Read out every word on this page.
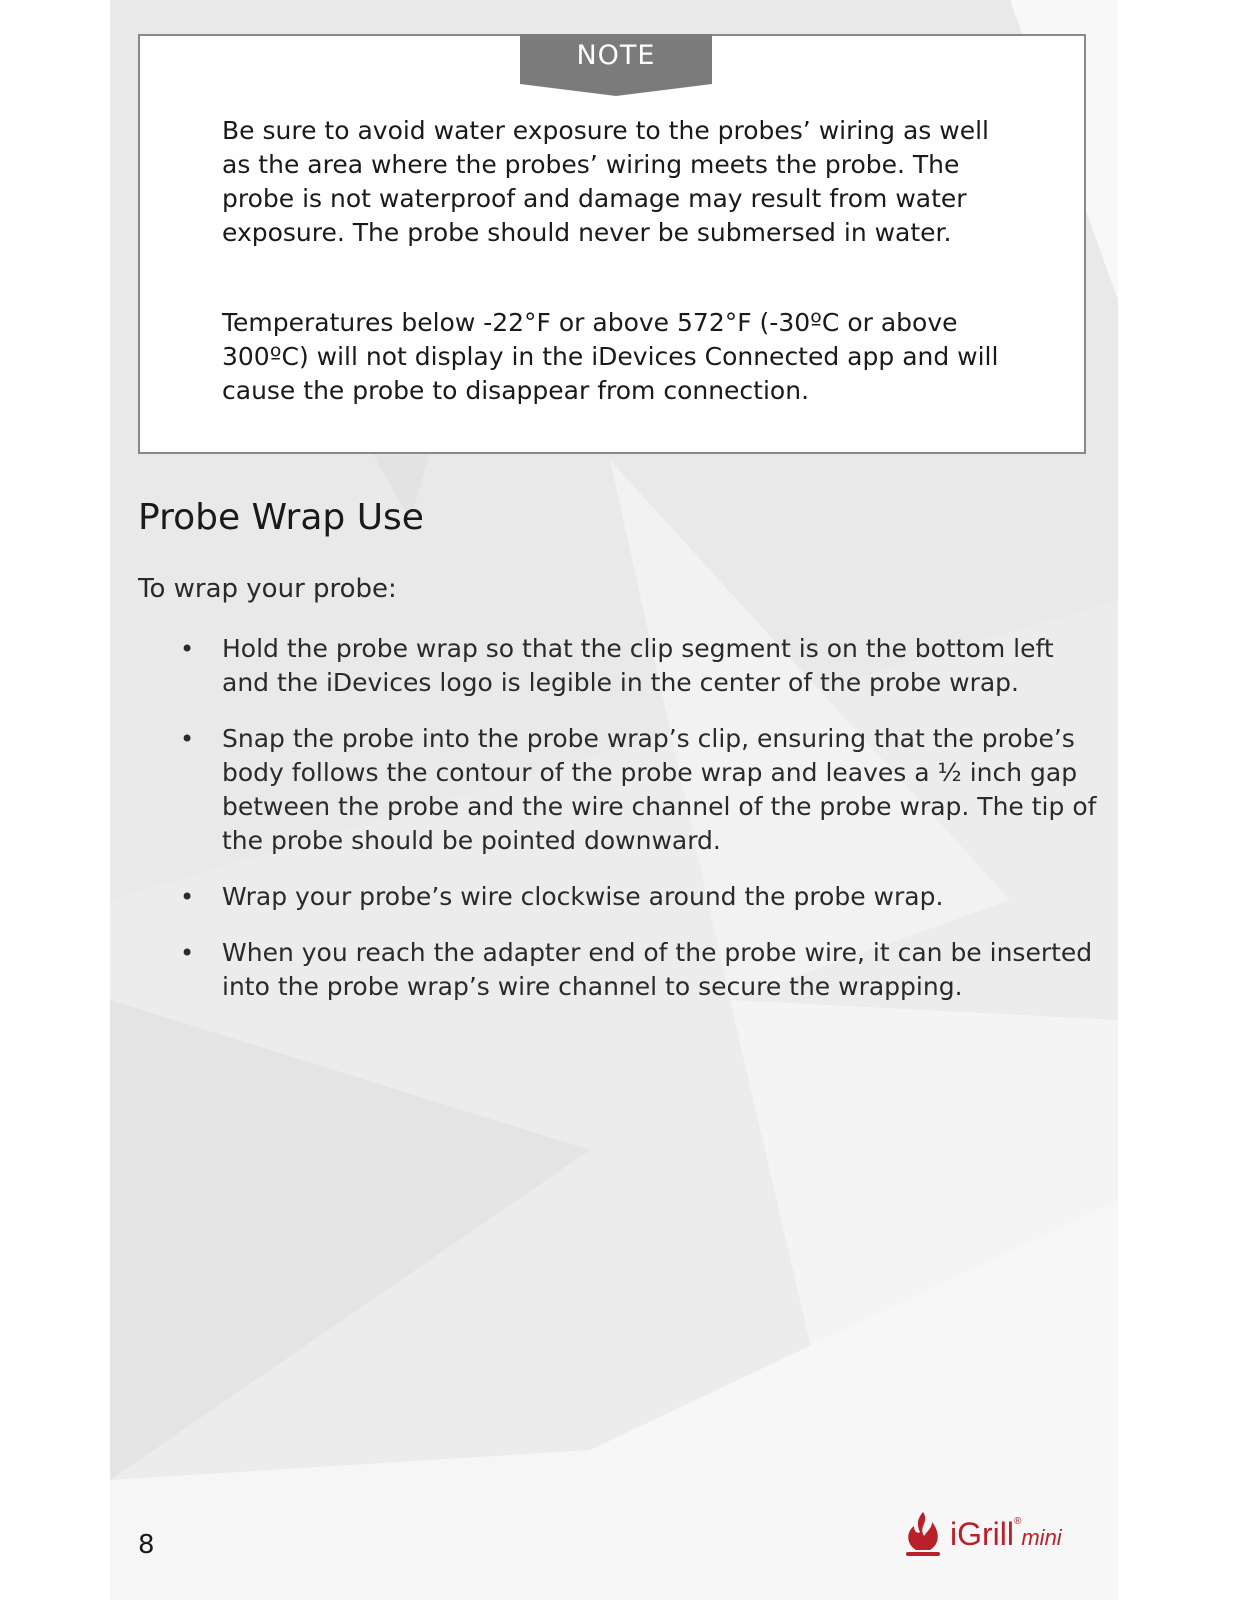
NOTE

Be sure to avoid water exposure to the probes’ wiring as well as the area where the probes’ wiring meets the probe. The probe is not waterproof and damage may result from water exposure. The probe should never be submersed in water.

Temperatures below -22°F or above 572°F (-30ºC or above 300ºC) will not display in the iDevices Connected app and will cause the probe to disappear from connection.

Probe Wrap Use

To wrap your probe:

• Hold the probe wrap so that the clip segment is on the bottom left and the iDevices logo is legible in the center of the probe wrap.
• Snap the probe into the probe wrap’s clip, ensuring that the probe’s body follows the contour of the probe wrap and leaves a ½ inch gap between the probe and the wire channel of the probe wrap. The tip of the probe should be pointed downward.
• Wrap your probe’s wire clockwise around the probe wrap.
• When you reach the adapter end of the probe wire, it can be inserted into the probe wrap’s wire channel to secure the wrapping.
8	iGrill®mini
